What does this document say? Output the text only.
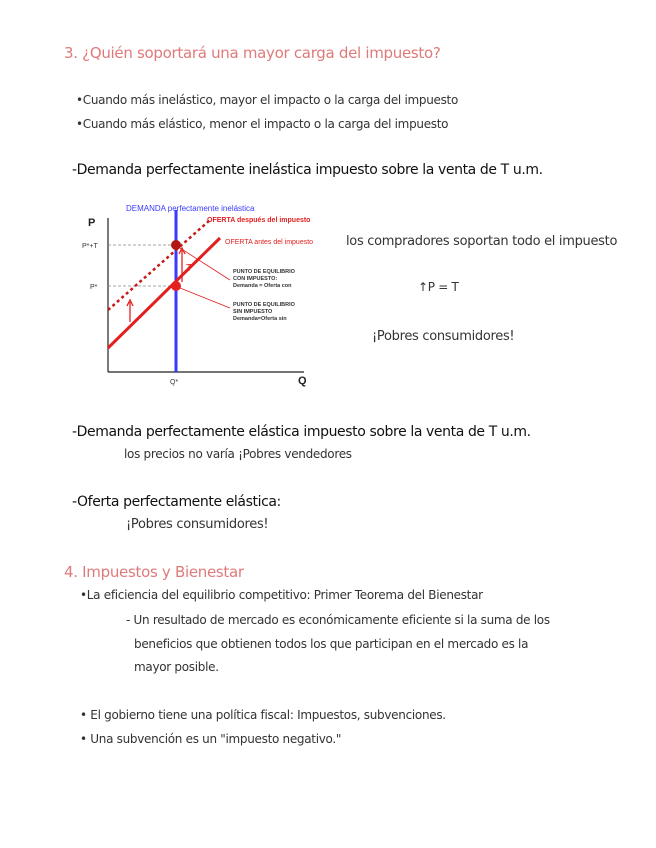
3. ¿Quién soportará una mayor carga del impuesto?
•Cuando más inelástico, mayor el impacto o la carga del impuesto
•Cuando más elástico, menor el impacto o la carga del impuesto
-Demanda perfectamente inelástica impuesto sobre la venta de T u.m.
P
Q
P*+T
P*
Q*
DEMANDA perfectamente inelástica
OFERTA después del impuesto
OFERTA antes del impuesto
T	PUNTO DE EQUILIBRIO CON IMPUESTO: Demanda = Oferta con
PUNTO DE EQUILIBRIO SIN IMPUESTO Demanda=Oferta sin
los compradores soportan todo el impuesto
↑P = T
¡Pobres consumidores!
-Demanda perfectamente elástica impuesto sobre la venta de T u.m.
los precios no varía ¡Pobres vendedores
-Oferta perfectamente elástica:
¡Pobres consumidores!
4. Impuestos y Bienestar
•La eficiencia del equilibrio competitivo: Primer Teorema del Bienestar
- Un resultado de mercado es económicamente eficiente si la suma de los
beneficios que obtienen todos los que participan en el mercado es la
mayor posible.
• El gobierno tiene una política fiscal: Impuestos, subvenciones.
• Una subvención es un "impuesto negativo."
